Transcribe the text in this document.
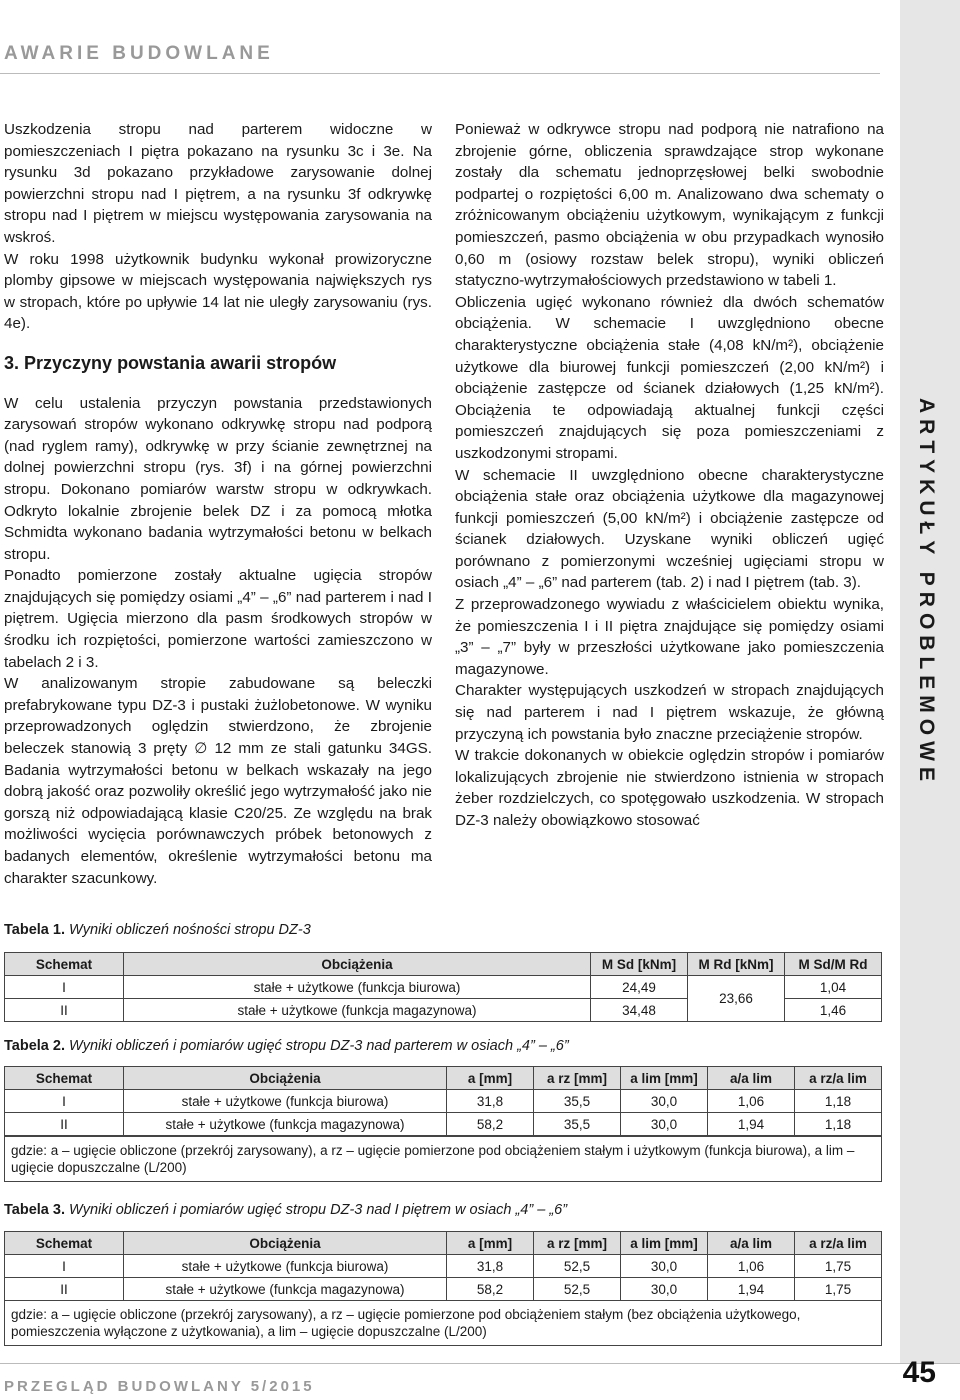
ARTYKUŁY PROBLEMOWE
AWARIE BUDOWLANE

Uszkodzenia stropu nad parterem widoczne w pomieszczeniach I piętra pokazano na rysunku 3c i 3e. Na rysunku 3d pokazano przykładowe zarysowanie dolnej powierzchni stropu nad I piętrem, a na rysunku 3f odkrywkę stropu nad I piętrem w miejscu występowania zarysowania na wskroś.

W roku 1998 użytkownik budynku wykonał prowizoryczne plomby gipsowe w miejscach występowania największych rys w stropach, które po upływie 14 lat nie uległy zarysowaniu (rys. 4e).

3. Przyczyny powstania awarii stropów

W celu ustalenia przyczyn powstania przedstawionych zarysowań stropów wykonano odkrywkę stropu nad podporą (nad ryglem ramy), odkrywkę w przy ścianie zewnętrznej na dolnej powierzchni stropu (rys. 3f) i na górnej powierzchni stropu. Dokonano pomiarów warstw stropu w odkrywkach. Odkryto lokalnie zbrojenie belek DZ i za pomocą młotka Schmidta wykonano badania wytrzymałości betonu w belkach stropu.

Ponadto pomierzone zostały aktualne ugięcia stropów znajdujących się pomiędzy osiami „4” – „6” nad parterem i nad I piętrem. Ugięcia mierzono dla pasm środkowych stropów w środku ich rozpiętości, pomierzone wartości zamieszczono w tabelach 2 i 3.

W analizowanym stropie zabudowane są beleczki prefabrykowane typu DZ-3 i pustaki żużlobetonowe. W wyniku przeprowadzonych oględzin stwierdzono, że zbrojenie beleczek stanowią 3 pręty ∅ 12 mm ze stali gatunku 34GS. Badania wytrzymałości betonu w belkach wskazały na jego dobrą jakość oraz pozwoliły określić jego wytrzymałość jako nie gorszą niż odpowiadającą klasie C20/25. Ze względu na brak możliwości wycięcia porównawczych próbek betonowych z badanych elementów, określenie wytrzymałości betonu ma charakter szacunkowy.

Ponieważ w odkrywce stropu nad podporą nie natrafiono na zbrojenie górne, obliczenia sprawdzające strop wykonane zostały dla schematu jednoprzęsłowej belki swobodnie podpartej o rozpiętości 6,00 m. Analizowano dwa schematy o zróżnicowanym obciążeniu użytkowym, wynikającym z funkcji pomieszczeń, pasmo obciążenia w obu przypadkach wynosiło 0,60 m (osiowy rozstaw belek stropu), wyniki obliczeń statyczno-wytrzymałościowych przedstawiono w tabeli 1.

Obliczenia ugięć wykonano również dla dwóch schematów obciążenia. W schemacie I uwzględniono obecne charakterystyczne obciążenia stałe (4,08 kN/m²), obciążenie użytkowe dla biurowej funkcji pomieszczeń (2,00 kN/m²) i obciążenie zastępcze od ścianek działowych (1,25 kN/m²). Obciążenia te odpowiadają aktualnej funkcji części pomieszczeń znajdujących się poza pomieszczeniami z uszkodzonymi stropami.

W schemacie II uwzględniono obecne charakterystyczne obciążenia stałe oraz obciążenia użytkowe dla magazynowej funkcji pomieszczeń (5,00 kN/m²) i obciążenie zastępcze od ścianek działowych. Uzyskane wyniki obliczeń ugięć porównano z pomierzonymi wcześniej ugięciami stropu w osiach „4” – „6” nad parterem (tab. 2) i nad I piętrem (tab. 3).

Z przeprowadzonego wywiadu z właścicielem obiektu wynika, że pomieszczenia I i II piętra znajdujące się pomiędzy osiami „3” – „7” były w przeszłości użytkowane jako pomieszczenia magazynowe.

Charakter występujących uszkodzeń w stropach znajdujących się nad parterem i nad I piętrem wskazuje, że główną przyczyną ich powstania było znaczne przeciążenie stropów.

W trakcie dokonanych w obiekcie oględzin stropów i pomiarów lokalizujących zbrojenie nie stwierdzono istnienia w stropach żeber rozdzielczych, co spotęgowało uszkodzenia. W stropach DZ-3 należy obowiązkowo stosować

Tabela 1. Wyniki obliczeń nośności stropu DZ-3
Schemat	Obciążenia	M Sd [kNm]	M Rd [kNm]	M Sd/M Rd
I	stałe + użytkowe (funkcja biurowa)	24,49	23,66	1,04
II	stałe + użytkowe (funkcja magazynowa)	34,48		1,46
Tabela 2. Wyniki obliczeń i pomiarów ugięć stropu DZ-3 nad parterem w osiach „4” – „6”
Schemat	Obciążenia	a [mm]	a rz [mm]	a lim [mm]	a/a lim	a rz/a lim
I	stałe + użytkowe (funkcja biurowa)	31,8	35,5	30,0	1,06	1,18
II	stałe + użytkowe (funkcja magazynowa)	58,2	35,5	30,0	1,94	1,18
gdzie: a – ugięcie obliczone (przekrój zarysowany), a rz – ugięcie pomierzone pod obciążeniem stałym i użytkowym (funkcja biurowa), a lim – ugięcie dopuszczalne (L/200)
Tabela 3. Wyniki obliczeń i pomiarów ugięć stropu DZ-3 nad I piętrem w osiach „4” – „6”
Schemat	Obciążenia	a [mm]	a rz [mm]	a lim [mm]	a/a lim	a rz/a lim
I	stałe + użytkowe (funkcja biurowa)	31,8	52,5	30,0	1,06	1,75
II	stałe + użytkowe (funkcja magazynowa)	58,2	52,5	30,0	1,94	1,75
gdzie: a – ugięcie obliczone (przekrój zarysowany), a rz – ugięcie pomierzone pod obciążeniem stałym (bez obciążenia użytkowego, pomieszczenia wyłączone z użytkowania), a lim – ugięcie dopuszczalne (L/200)
PRZEGLĄD BUDOWLANY 5/2015	45
